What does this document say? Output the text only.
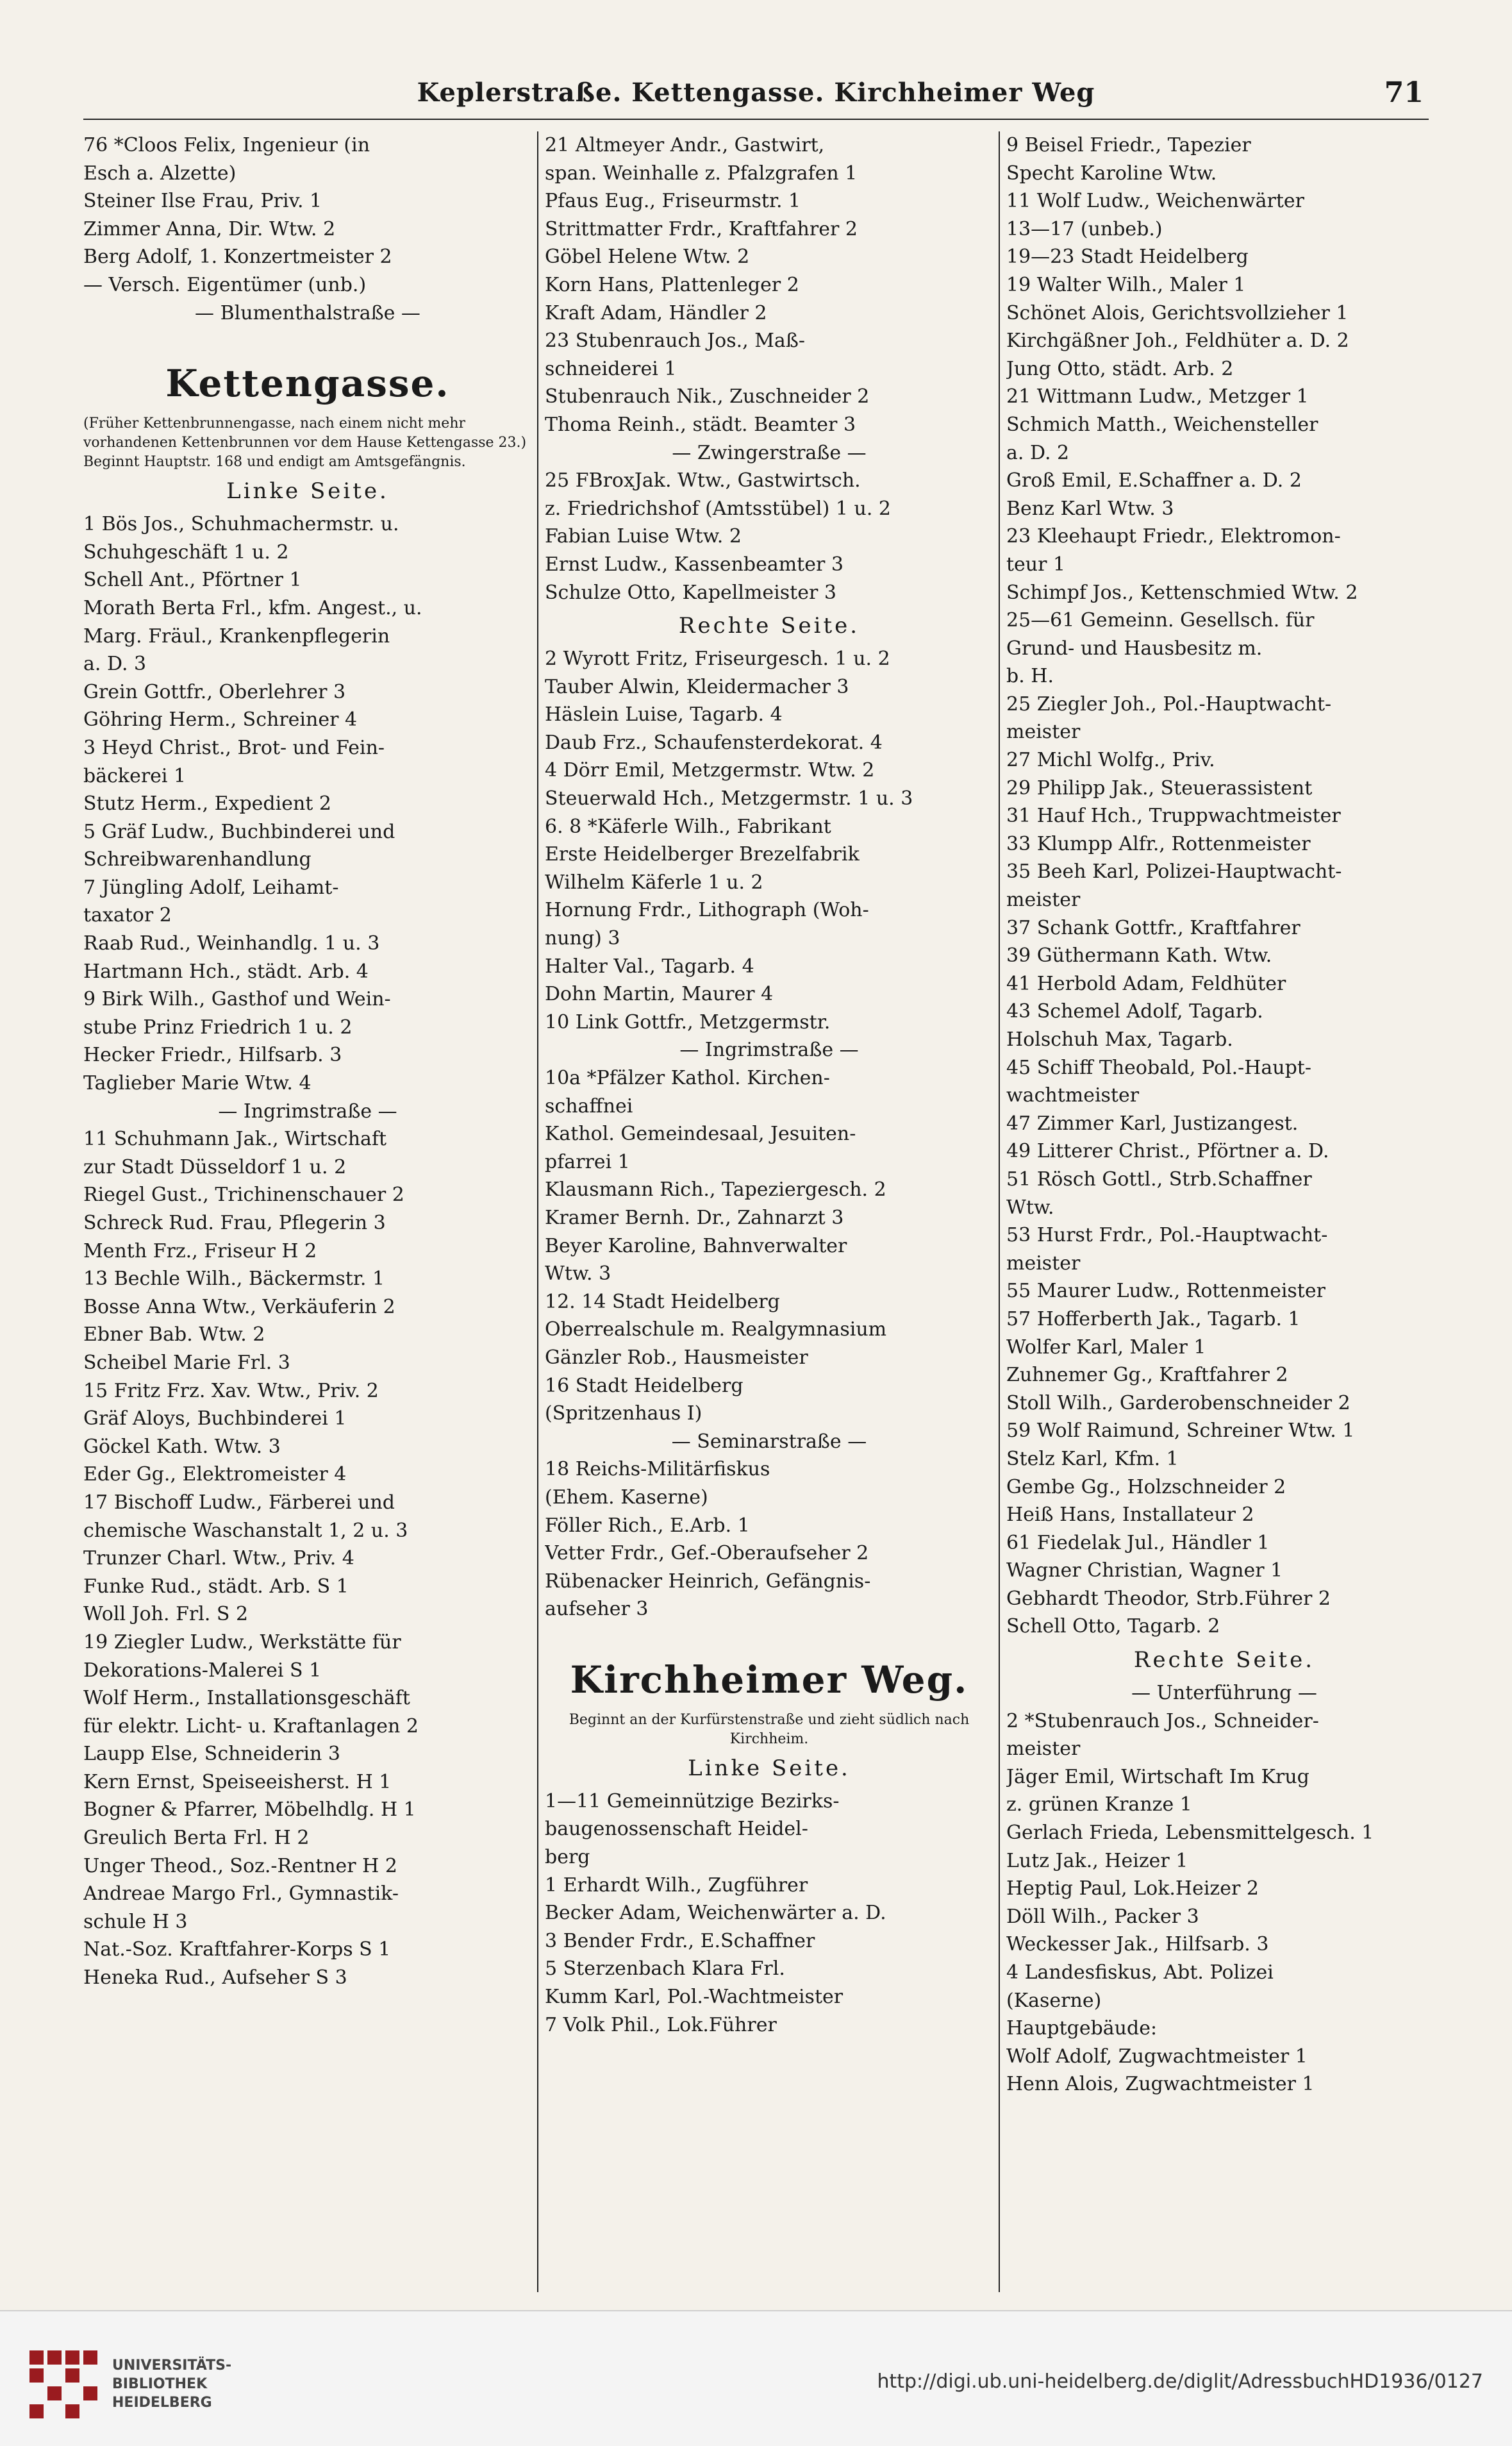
Keplerstraße. Kettengasse. Kirchheimer Weg	71
76 *Cloos Felix, Ingenieur (in
Esch a. Alzette)
Steiner Ilse Frau, Priv. 1
Zimmer Anna, Dir. Wtw. 2
Berg Adolf, 1. Konzertmeister 2
— Versch. Eigentümer (unb.)
— Blumenthalstraße —
Kettengasse.
(Früher Kettenbrunnengasse, nach einem nicht mehr vorhandenen Kettenbrunnen vor dem Hause Kettengasse 23.)
Beginnt Hauptstr. 168 und endigt am Amtsgefängnis.
Linke Seite.
1 Bös Jos., Schuhmachermstr. u.
Schuhgeschäft 1 u. 2
Schell Ant., Pförtner 1
Morath Berta Frl., kfm. Angest., u.
Marg. Fräul., Krankenpflegerin
a. D. 3
Grein Gottfr., Oberlehrer 3
Göhring Herm., Schreiner 4
3 Heyd Christ., Brot- und Fein-
bäckerei 1
Stutz Herm., Expedient 2
5 Gräf Ludw., Buchbinderei und
Schreibwarenhandlung
7 Jüngling Adolf, Leihamt-
taxator 2
Raab Rud., Weinhandlg. 1 u. 3
Hartmann Hch., städt. Arb. 4
9 Birk Wilh., Gasthof und Wein-
stube Prinz Friedrich 1 u. 2
Hecker Friedr., Hilfsarb. 3
Taglieber Marie Wtw. 4
— Ingrimstraße —
11 Schuhmann Jak., Wirtschaft
zur Stadt Düsseldorf 1 u. 2
Riegel Gust., Trichinenschauer 2
Schreck Rud. Frau, Pflegerin 3
Menth Frz., Friseur H 2
13 Bechle Wilh., Bäckermstr. 1
Bosse Anna Wtw., Verkäuferin 2
Ebner Bab. Wtw. 2
Scheibel Marie Frl. 3
15 Fritz Frz. Xav. Wtw., Priv. 2
Gräf Aloys, Buchbinderei 1
Göckel Kath. Wtw. 3
Eder Gg., Elektromeister 4
17 Bischoff Ludw., Färberei und
chemische Waschanstalt 1, 2 u. 3
Trunzer Charl. Wtw., Priv. 4
Funke Rud., städt. Arb. S 1
Woll Joh. Frl. S 2
19 Ziegler Ludw., Werkstätte für
Dekorations-Malerei S 1
Wolf Herm., Installationsgeschäft
für elektr. Licht- u. Kraftanlagen 2
Laupp Else, Schneiderin 3
Kern Ernst, Speiseeisherst. H 1
Bogner & Pfarrer, Möbelhdlg. H 1
Greulich Berta Frl. H 2
Unger Theod., Soz.-Rentner H 2
Andreae Margo Frl., Gymnastik-
schule H 3
Nat.-Soz. Kraftfahrer-Korps S 1
Heneka Rud., Aufseher S 3
21 Altmeyer Andr., Gastwirt,
span. Weinhalle z. Pfalzgrafen 1
Pfaus Eug., Friseurmstr. 1
Strittmatter Frdr., Kraftfahrer 2
Göbel Helene Wtw. 2
Korn Hans, Plattenleger 2
Kraft Adam, Händler 2
23 Stubenrauch Jos., Maß-
schneiderei 1
Stubenrauch Nik., Zuschneider 2
Thoma Reinh., städt. Beamter 3
— Zwingerstraße —
25 FBroxJak. Wtw., Gastwirtsch.
z. Friedrichshof (Amtsstübel) 1 u. 2
Fabian Luise Wtw. 2
Ernst Ludw., Kassenbeamter 3
Schulze Otto, Kapellmeister 3
Rechte Seite.
2 Wyrott Fritz, Friseurgesch. 1 u. 2
Tauber Alwin, Kleidermacher 3
Häslein Luise, Tagarb. 4
Daub Frz., Schaufensterdekorat. 4
4 Dörr Emil, Metzgermstr. Wtw. 2
Steuerwald Hch., Metzgermstr. 1 u. 3
6. 8 *Käferle Wilh., Fabrikant
Erste Heidelberger Brezelfabrik
Wilhelm Käferle 1 u. 2
Hornung Frdr., Lithograph (Woh-
nung) 3
Halter Val., Tagarb. 4
Dohn Martin, Maurer 4
10 Link Gottfr., Metzgermstr.
— Ingrimstraße —
10a *Pfälzer Kathol. Kirchen-
schaffnei
Kathol. Gemeindesaal, Jesuiten-
pfarrei 1
Klausmann Rich., Tapeziergesch. 2
Kramer Bernh. Dr., Zahnarzt 3
Beyer Karoline, Bahnverwalter
Wtw. 3
12. 14 Stadt Heidelberg
Oberrealschule m. Realgymnasium
Gänzler Rob., Hausmeister
16 Stadt Heidelberg
(Spritzenhaus I)
— Seminarstraße —
18 Reichs-Militärfiskus
(Ehem. Kaserne)
Föller Rich., E.Arb. 1
Vetter Frdr., Gef.-Oberaufseher 2
Rübenacker Heinrich, Gefängnis-
aufseher 3
Kirchheimer Weg.
Beginnt an der Kurfürstenstraße und zieht südlich nach Kirchheim.
Linke Seite.
1—11 Gemeinnützige Bezirks-
baugenossenschaft Heidel-
berg
1 Erhardt Wilh., Zugführer
Becker Adam, Weichenwärter a. D.
3 Bender Frdr., E.Schaffner
5 Sterzenbach Klara Frl.
Kumm Karl, Pol.-Wachtmeister
7 Volk Phil., Lok.Führer
9 Beisel Friedr., Tapezier
Specht Karoline Wtw.
11 Wolf Ludw., Weichenwärter
13—17 (unbeb.)
19—23 Stadt Heidelberg
19 Walter Wilh., Maler 1
Schönet Alois, Gerichtsvollzieher 1
Kirchgäßner Joh., Feldhüter a. D. 2
Jung Otto, städt. Arb. 2
21 Wittmann Ludw., Metzger 1
Schmich Matth., Weichensteller
a. D. 2
Groß Emil, E.Schaffner a. D. 2
Benz Karl Wtw. 3
23 Kleehaupt Friedr., Elektromon-
teur 1
Schimpf Jos., Kettenschmied Wtw. 2
25—61 Gemeinn. Gesellsch. für
Grund- und Hausbesitz m.
b. H.
25 Ziegler Joh., Pol.-Hauptwacht-
meister
27 Michl Wolfg., Priv.
29 Philipp Jak., Steuerassistent
31 Hauf Hch., Truppwachtmeister
33 Klumpp Alfr., Rottenmeister
35 Beeh Karl, Polizei-Hauptwacht-
meister
37 Schank Gottfr., Kraftfahrer
39 Güthermann Kath. Wtw.
41 Herbold Adam, Feldhüter
43 Schemel Adolf, Tagarb.
Holschuh Max, Tagarb.
45 Schiff Theobald, Pol.-Haupt-
wachtmeister
47 Zimmer Karl, Justizangest.
49 Litterer Christ., Pförtner a. D.
51 Rösch Gottl., Strb.Schaffner
Wtw.
53 Hurst Frdr., Pol.-Hauptwacht-
meister
55 Maurer Ludw., Rottenmeister
57 Hofferberth Jak., Tagarb. 1
Wolfer Karl, Maler 1
Zuhnemer Gg., Kraftfahrer 2
Stoll Wilh., Garderobenschneider 2
59 Wolf Raimund, Schreiner Wtw. 1
Stelz Karl, Kfm. 1
Gembe Gg., Holzschneider 2
Heiß Hans, Installateur 2
61 Fiedelak Jul., Händler 1
Wagner Christian, Wagner 1
Gebhardt Theodor, Strb.Führer 2
Schell Otto, Tagarb. 2
Rechte Seite.
— Unterführung —
2 *Stubenrauch Jos., Schneider-
meister
Jäger Emil, Wirtschaft Im Krug
z. grünen Kranze 1
Gerlach Frieda, Lebensmittelgesch. 1
Lutz Jak., Heizer 1
Heptig Paul, Lok.Heizer 2
Döll Wilh., Packer 3
Weckesser Jak., Hilfsarb. 3
4 Landesfiskus, Abt. Polizei
(Kaserne)
Hauptgebäude:
Wolf Adolf, Zugwachtmeister 1
Henn Alois, Zugwachtmeister 1
UNIVERSITÄTS-
BIBLIOTHEK
HEIDELBERG
http://digi.ub.uni-heidelberg.de/diglit/AdressbuchHD1936/0127
